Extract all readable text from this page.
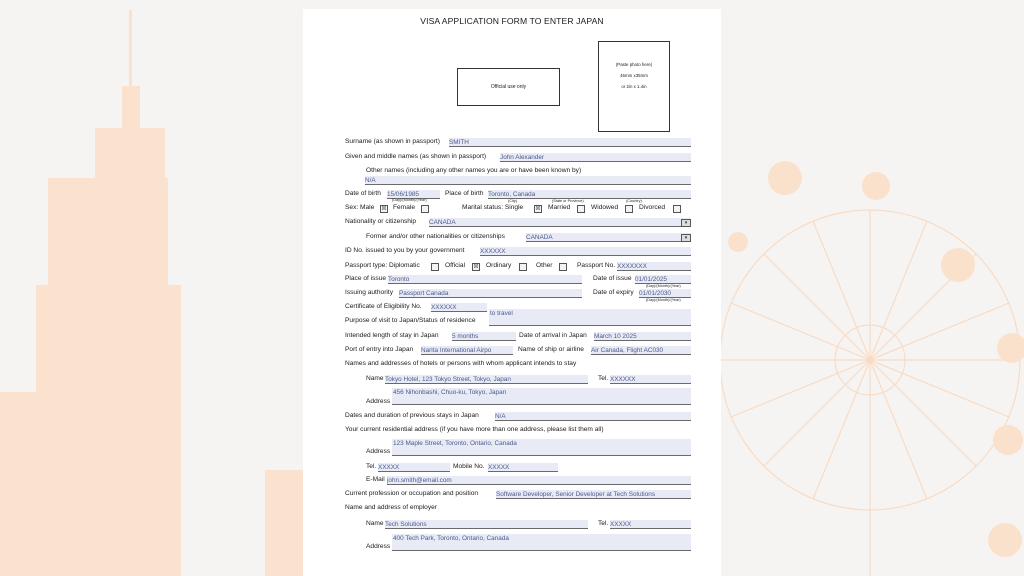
VISA APPLICATION FORM TO ENTER JAPAN
Official use only
(Paste photo here)
45mm x35mm
or 2in x 1.4in
Surname (as shown in passport) SMITH
Given and middle names (as shown in passport) John Alexander
Other names (including any other names you are or have been known by)
N/A
Date of birth 15/06/1985	Place of birth Toronto, Canada
(Day)/(Month)/(Year)	(City)	(State or Province)	(Country)
Sex: Male ☒ Female	Marital status: Single ☒ Married	Widowed	Divorced
Nationality or citizenship CANADA	▾
Former and/or other nationalities or citizenships	CANADA	▾
ID No. issued to you by your government XXXXXX
Passport type: Diplomatic	Official ☒ Ordinary	Other	Passport No. XXXXXXX
Place of issue Toronto	Date of issue 01/01/2025
(Day)/(Month)/(Year)
Issuing authority Passport Canada	Date of expiry 01/01/2030
(Day)/(Month)/(Year)
Certificate of Eligibility No. XXXXXX
Purpose of visit to Japan/Status of residence
to travel
Intended length of stay in Japan 5 months	Date of arrival in Japan March 10 2025
Port of entry into Japan Narita International Airpo	Name of ship or airline Air Canada, Flight AC030
Names and addresses of hotels or persons with whom applicant intends to stay
Name Tokyo Hotel, 123 Tokyo Street, Tokyo, Japan	Tel. XXXXXX
Address
456 Nihonbashi, Chuo-ku, Tokyo, Japan
Dates and duration of previous stays in Japan	N/A
Your current residential address (if you have more than one address, please list them all)
Address
123 Maple Street, Toronto, Ontario, Canada
Tel. XXXXX	Mobile No. XXXXX
E-Mail john.smith@email.com
Current profession or occupation and position	Software Developer, Senior Developer at Tech Solutions
Name and address of employer
Name Tech Solutions	Tel. XXXXX
Address
400 Tech Park, Toronto, Ontario, Canada
